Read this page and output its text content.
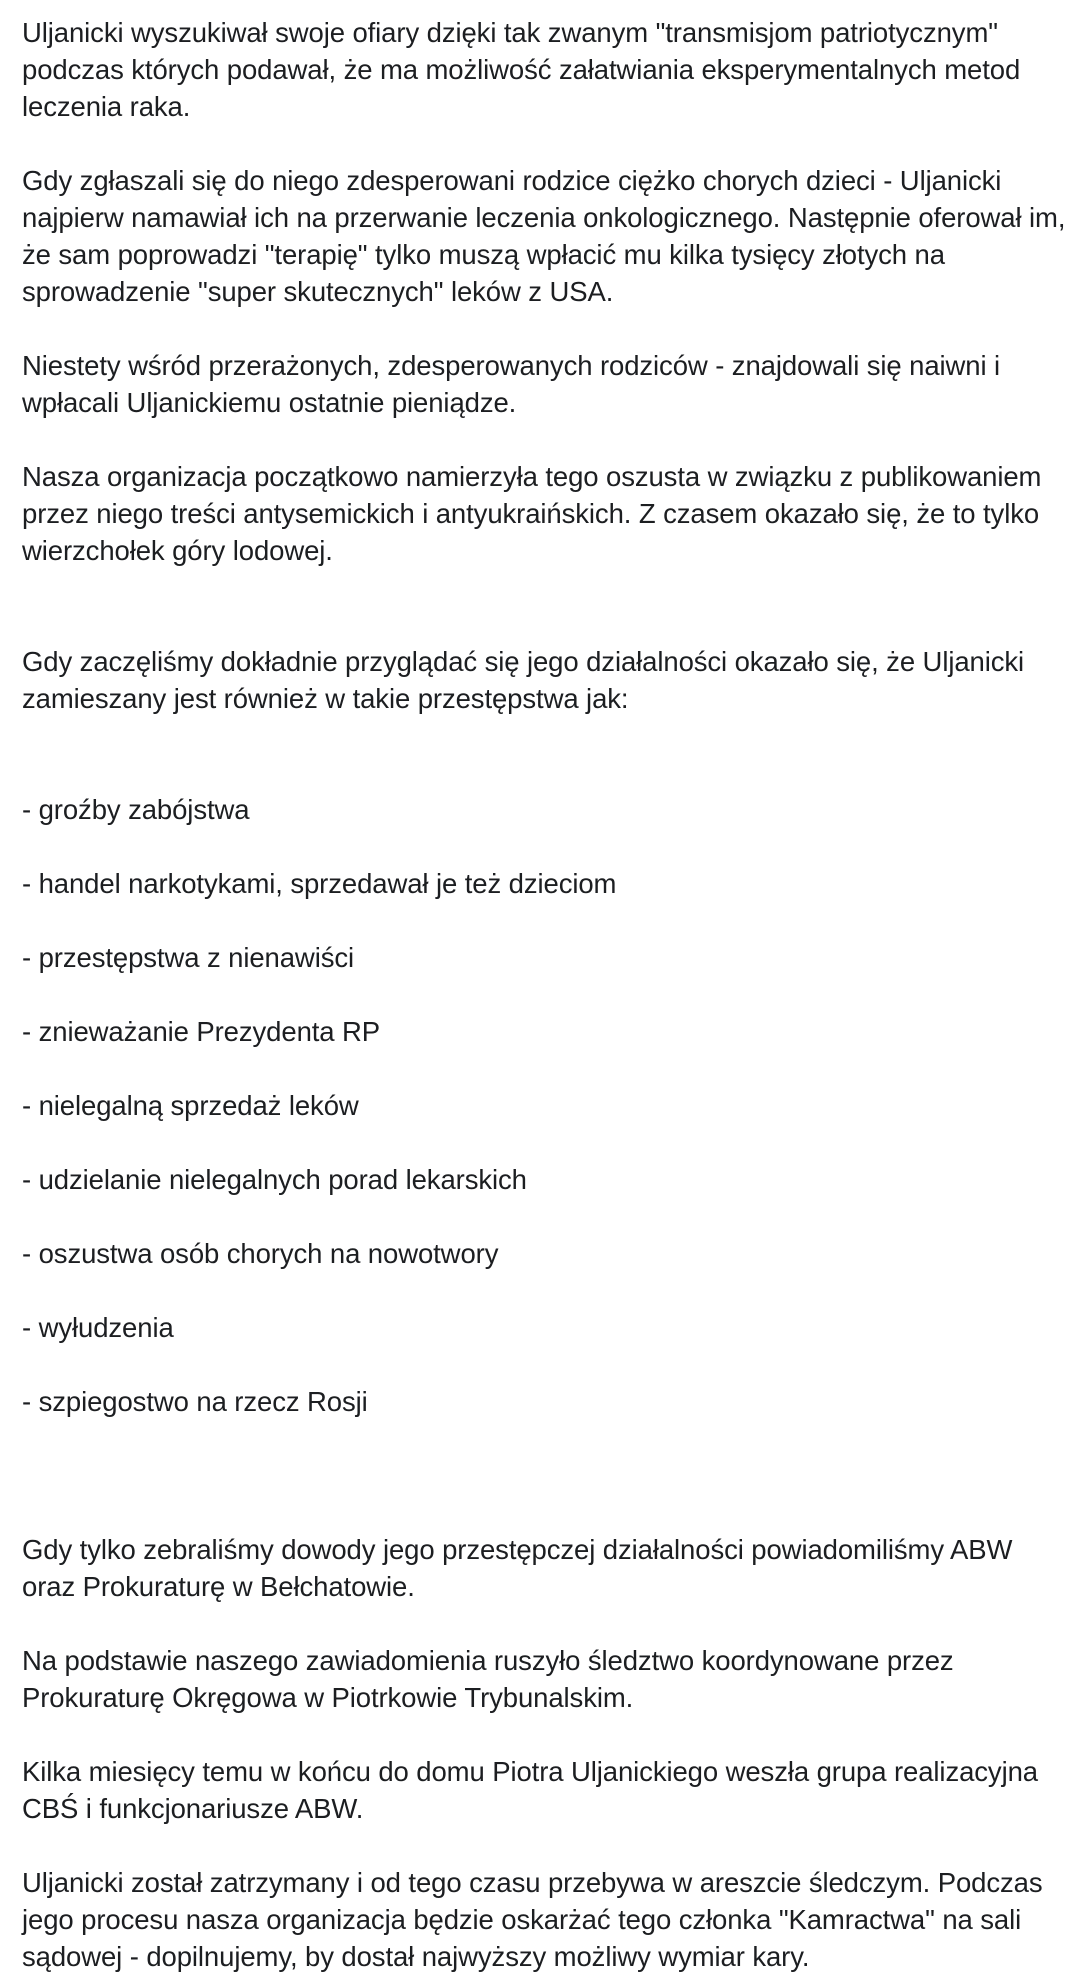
Uljanicki wyszukiwał swoje ofiary dzięki tak zwanym "transmisjom patriotycznym" podczas których podawał, że ma możliwość załatwiania eksperymentalnych metod leczenia raka.

Gdy zgłaszali się do niego zdesperowani rodzice ciężko chorych dzieci - Uljanicki najpierw namawiał ich na przerwanie leczenia onkologicznego. Następnie oferował im, że sam poprowadzi "terapię" tylko muszą wpłacić mu kilka tysięcy złotych na sprowadzenie "super skutecznych" leków z USA.

Niestety wśród przerażonych, zdesperowanych rodziców - znajdowali się naiwni i wpłacali Uljanickiemu ostatnie pieniądze.

Nasza organizacja początkowo namierzyła tego oszusta w związku z publikowaniem przez niego treści antysemickich i antyukraińskich. Z czasem okazało się, że to tylko wierzchołek góry lodowej.

Gdy zaczęliśmy dokładnie przyglądać się jego działalności okazało się, że Uljanicki zamieszany jest również w takie przestępstwa jak:

- groźby zabójstwa

- handel narkotykami, sprzedawał je też dzieciom

- przestępstwa z nienawiści

- znieważanie Prezydenta RP

- nielegalną sprzedaż leków

- udzielanie nielegalnych porad lekarskich

- oszustwa osób chorych na nowotwory

- wyłudzenia

- szpiegostwo na rzecz Rosji

Gdy tylko zebraliśmy dowody jego przestępczej działalności powiadomiliśmy ABW oraz Prokuraturę w Bełchatowie.

Na podstawie naszego zawiadomienia ruszyło śledztwo koordynowane przez Prokuraturę Okręgowa w Piotrkowie Trybunalskim.

Kilka miesięcy temu w końcu do domu Piotra Uljanickiego weszła grupa realizacyjna CBŚ i funkcjonariusze ABW.

Uljanicki został zatrzymany i od tego czasu przebywa w areszcie śledczym. Podczas jego procesu nasza organizacja będzie oskarżać tego członka "Kamractwa" na sali sądowej - dopilnujemy, by dostał najwyższy możliwy wymiar kary.
